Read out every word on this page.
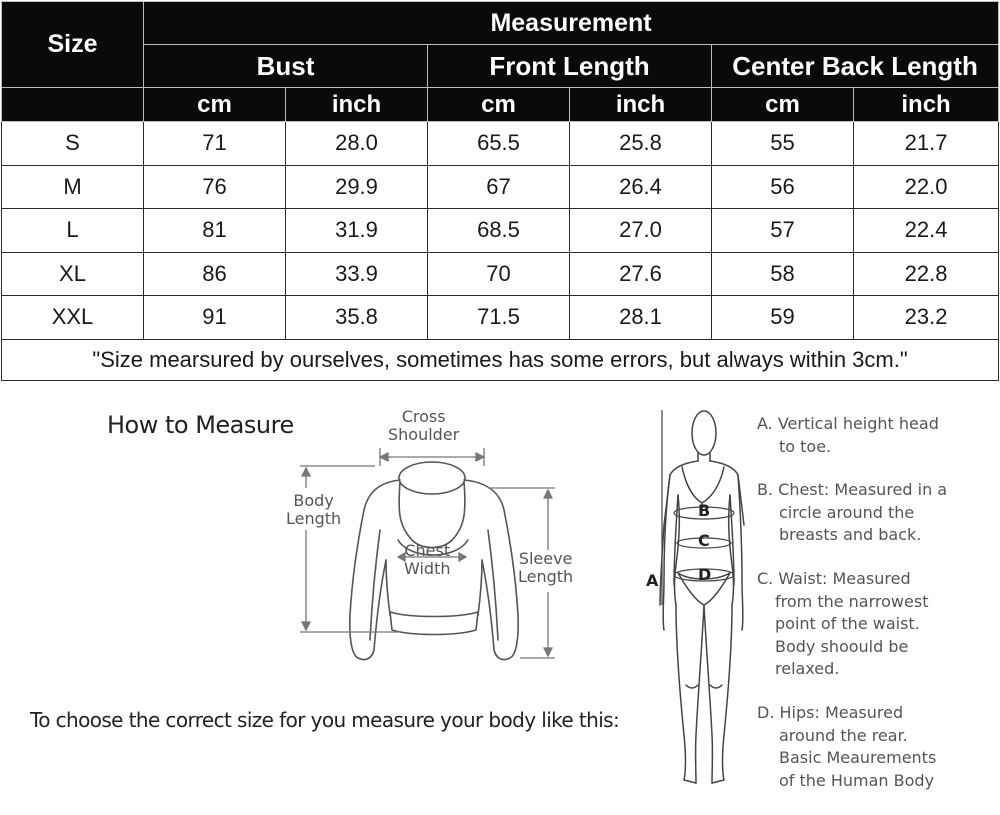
Size	Measurement					
	Bust		Front Length		Center Back Length	
	cm	inch	cm	inch	cm	inch
S	71	28.0	65.5	25.8	55	21.7
M	76	29.9	67	26.4	56	22.0
L	81	31.9	68.5	27.0	57	22.4
XL	86	33.9	70	27.6	58	22.8
XXL	91	35.8	71.5	28.1	59	23.2
"Size mearsured by ourselves, sometimes has some errors, but always within 3cm."						
How to Measure
To choose the correct size for you measure your body like this:
Cross
Shoulder
Body
Length
Chest
Width
Sleeve
Length
B
C
D
A
A. Vertical height head
to toe.
B. Chest: Measured in a
circle around the
breasts and back.
C. Waist: Measured
from the narrowest
point of the waist.
Body shoould be
relaxed.
D. Hips: Measured
around the rear.
Basic Meaurements
of the Human Body
